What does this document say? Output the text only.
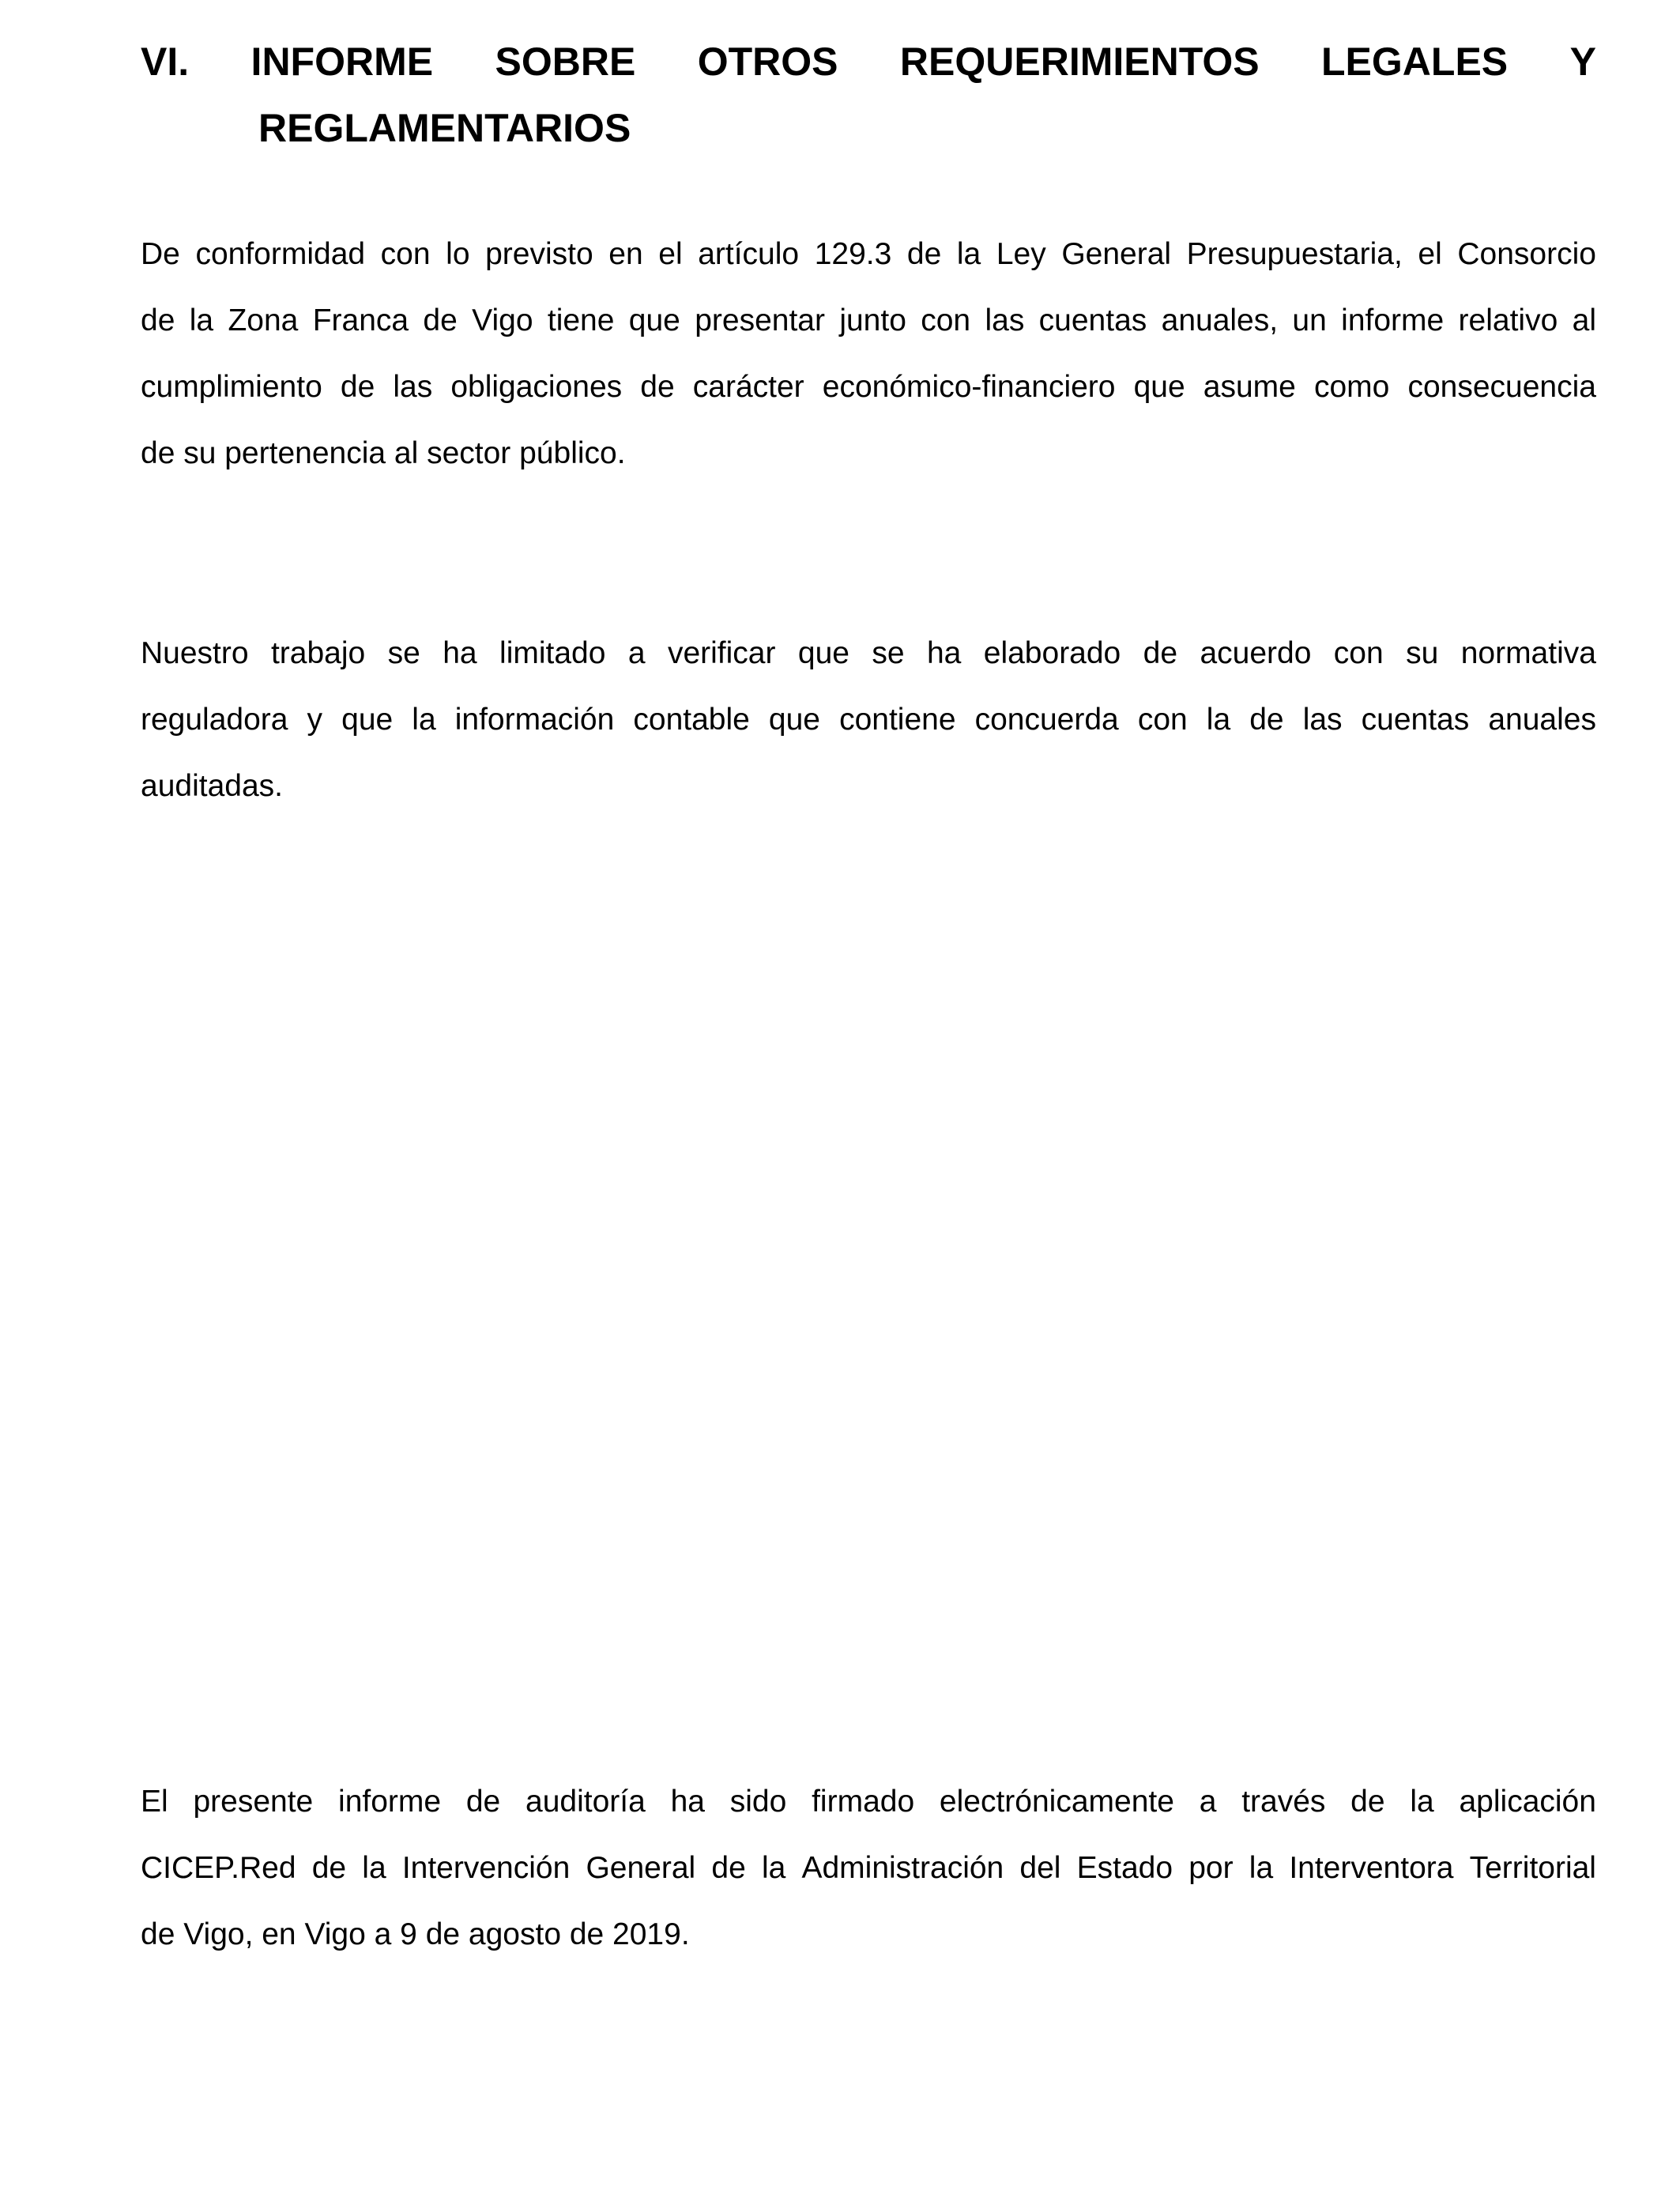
VI. INFORME SOBRE OTROS REQUERIMIENTOS LEGALES Y
REGLAMENTARIOS
De conformidad con lo previsto en el artículo 129.3 de la Ley General Presupuestaria, el Consorcio
de la Zona Franca de Vigo tiene que presentar junto con las cuentas anuales, un informe relativo al
cumplimiento de las obligaciones de carácter económico-financiero que asume como consecuencia
de su pertenencia al sector público.
Nuestro trabajo se ha limitado a verificar que se ha elaborado de acuerdo con su normativa
reguladora y que la información contable que contiene concuerda con la de las cuentas anuales
auditadas.
El presente informe de auditoría ha sido firmado electrónicamente a través de la aplicación
CICEP.Red de la Intervención General de la Administración del Estado por la Interventora Territorial
de Vigo, en Vigo a 9 de agosto de 2019.
